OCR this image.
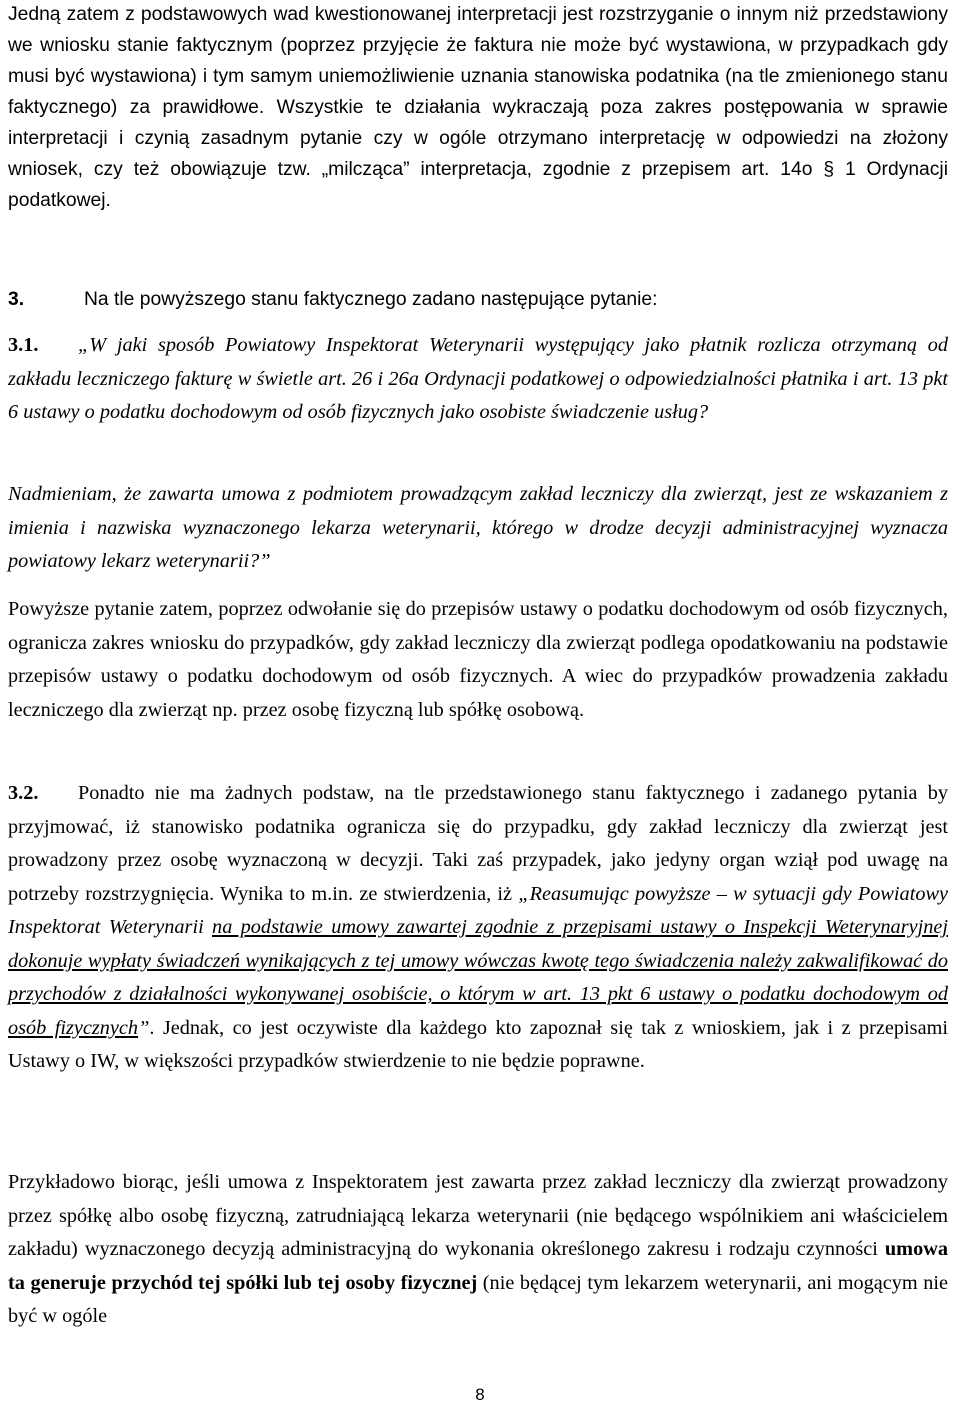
Jedną zatem z podstawowych wad kwestionowanej interpretacji jest rozstrzyganie o innym niż przedstawiony we wniosku stanie faktycznym (poprzez przyjęcie że faktura nie może być wystawiona, w przypadkach gdy musi być wystawiona) i tym samym uniemożliwienie uznania stanowiska podatnika (na tle zmienionego stanu faktycznego) za prawidłowe. Wszystkie te działania wykraczają poza zakres postępowania w sprawie interpretacji i czynią zasadnym pytanie czy w ogóle otrzymano interpretację w odpowiedzi na złożony wniosek, czy też obowiązuje tzw. „milcząca” interpretacja, zgodnie z przepisem art. 14o § 1 Ordynacji podatkowej.

3.	Na tle powyższego stanu faktycznego zadano następujące pytanie:

3.1. „W jaki sposób Powiatowy Inspektorat Weterynarii występujący jako płatnik rozlicza otrzymaną od zakładu leczniczego fakturę w świetle art. 26 i 26a Ordynacji podatkowej o odpowiedzialności płatnika i art. 13 pkt 6 ustawy o podatku dochodowym od osób fizycznych jako osobiste świadczenie usług?

Nadmieniam, że zawarta umowa z podmiotem prowadzącym zakład leczniczy dla zwierząt, jest ze wskazaniem z imienia i nazwiska wyznaczonego lekarza weterynarii, którego w drodze decyzji administracyjnej wyznacza powiatowy lekarz weterynarii?”

Powyższe pytanie zatem, poprzez odwołanie się do przepisów ustawy o podatku dochodowym od osób fizycznych, ogranicza zakres wniosku do przypadków, gdy zakład leczniczy dla zwierząt podlega opodatkowaniu na podstawie przepisów ustawy o podatku dochodowym od osób fizycznych. A wiec do przypadków prowadzenia zakładu leczniczego dla zwierząt np. przez osobę fizyczną lub spółkę osobową.

3.2. Ponadto nie ma żadnych podstaw, na tle przedstawionego stanu faktycznego i zadanego pytania by przyjmować, iż stanowisko podatnika ogranicza się do przypadku, gdy zakład leczniczy dla zwierząt jest prowadzony przez osobę wyznaczoną w decyzji. Taki zaś przypadek, jako jedyny organ wziął pod uwagę na potrzeby rozstrzygnięcia. Wynika to m.in. ze stwierdzenia, iż „Reasumując powyższe – w sytuacji gdy Powiatowy Inspektorat Weterynarii na podstawie umowy zawartej zgodnie z przepisami ustawy o Inspekcji Weterynaryjnej dokonuje wypłaty świadczeń wynikających z tej umowy wówczas kwotę tego świadczenia należy zakwalifikować do przychodów z działalności wykonywanej osobiście, o którym w art. 13 pkt 6 ustawy o podatku dochodowym od osób fizycznych”. Jednak, co jest oczywiste dla każdego kto zapoznał się tak z wnioskiem, jak i z przepisami Ustawy o IW, w większości przypadków stwierdzenie to nie będzie poprawne.

Przykładowo biorąc, jeśli umowa z Inspektoratem jest zawarta przez zakład leczniczy dla zwierząt prowadzony przez spółkę albo osobę fizyczną, zatrudniającą lekarza weterynarii (nie będącego wspólnikiem ani właścicielem zakładu) wyznaczonego decyzją administracyjną do wykonania określonego zakresu i rodzaju czynności umowa ta generuje przychód tej spółki lub tej osoby fizycznej (nie będącej tym lekarzem weterynarii, ani mogącym nie być w ogóle

8
